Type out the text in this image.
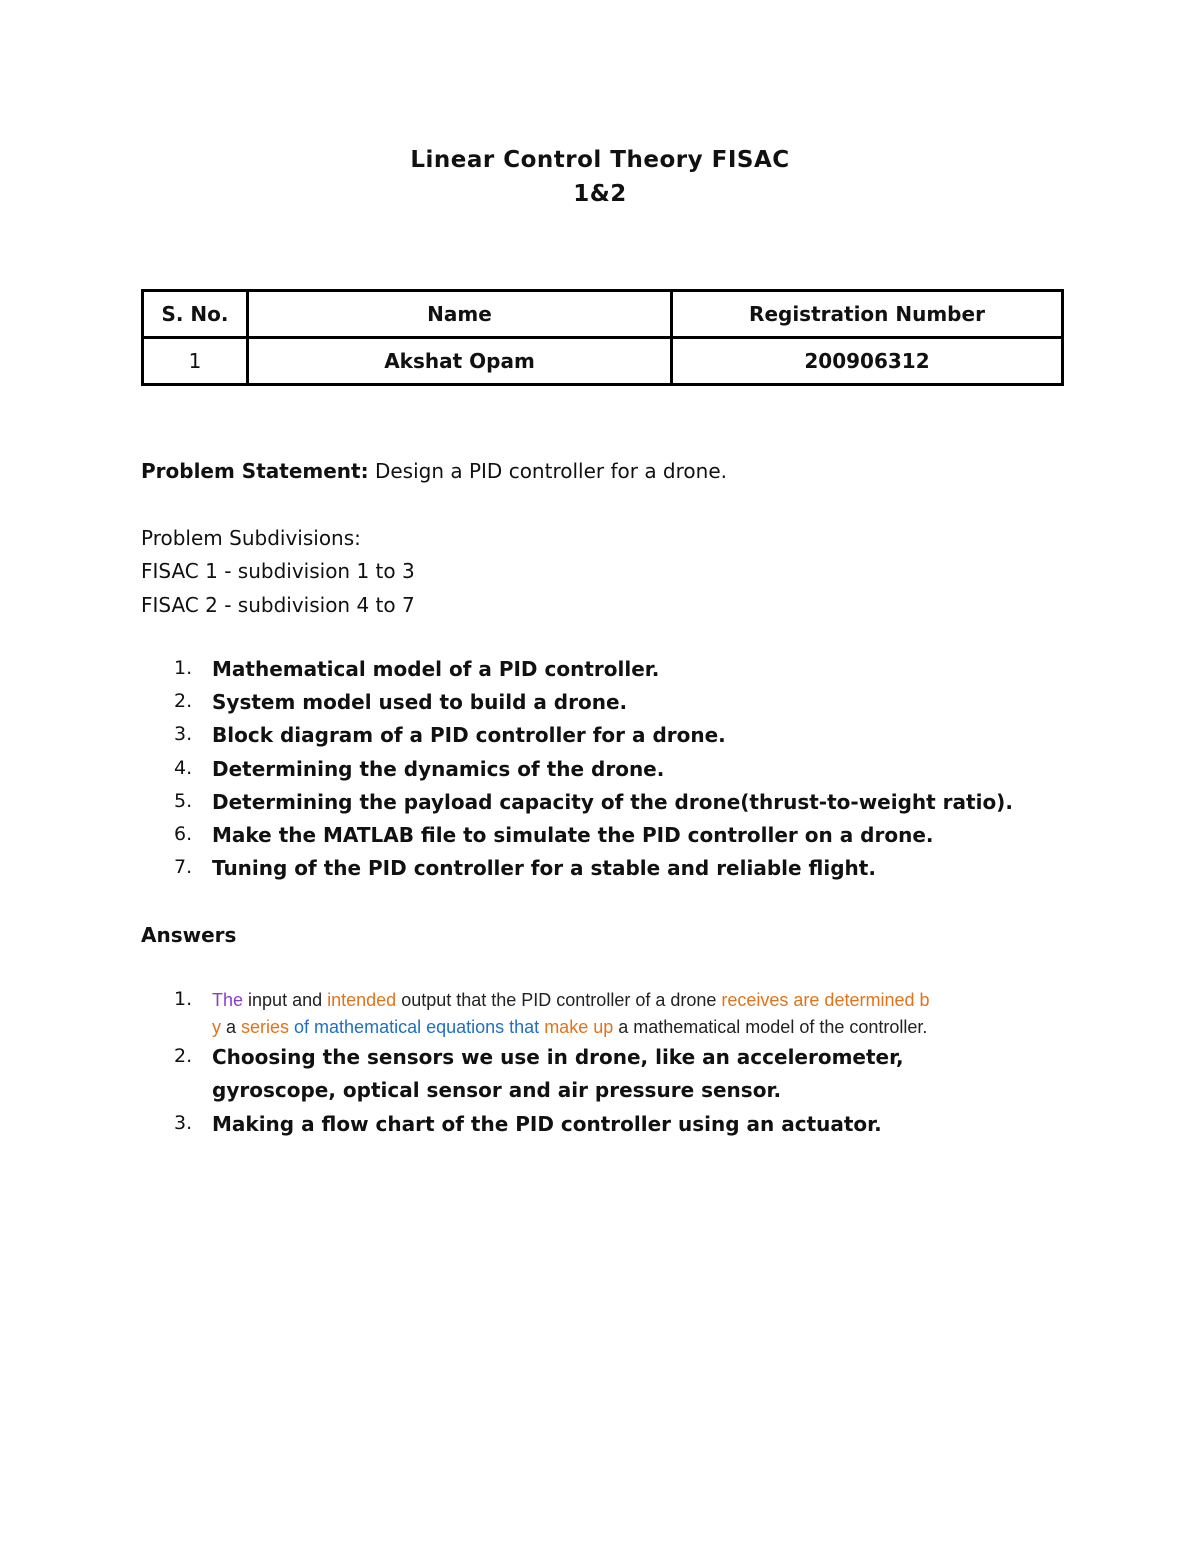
Linear Control Theory FISAC
1&2
S. No.	Name	Registration Number
1	Akshat Opam	200906312
Problem Statement: Design a PID controller for a drone.
Problem Subdivisions:
FISAC 1 - subdivision 1 to 3
FISAC 2 - subdivision 4 to 7
1. Mathematical model of a PID controller.
2. System model used to build a drone.
3. Block diagram of a PID controller for a drone.
4. Determining the dynamics of the drone.
5. Determining the payload capacity of the drone(thrust-to-weight ratio).
6. Make the MATLAB file to simulate the PID controller on a drone.
7. Tuning of the PID controller for a stable and reliable flight.
Answers
1. The input and intended output that the PID controller of a drone receives are determined b
y a series of mathematical equations that make up a mathematical model of the controller.
2. Choosing the sensors we use in drone, like an accelerometer,
gyroscope, optical sensor and air pressure sensor.
3. Making a flow chart of the PID controller using an actuator.
